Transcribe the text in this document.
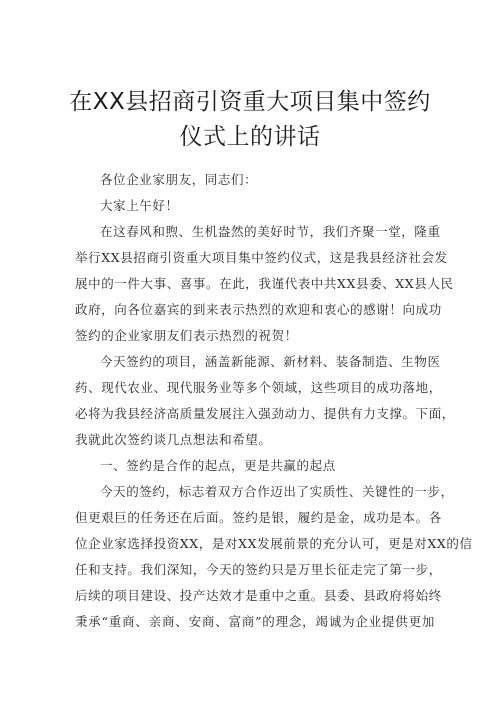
在XX县招商引资重大项目集中签约
仪式上的讲话
各位企业家朋友，同志们：
大家上午好！
在这春风和煦、生机盎然的美好时节，我们齐聚一堂，隆重
举行XX县招商引资重大项目集中签约仪式，这是我县经济社会发
展中的一件大事、喜事。在此，我谨代表中共XX县委、XX县人民
政府，向各位嘉宾的到来表示热烈的欢迎和衷心的感谢！向成功
签约的企业家朋友们表示热烈的祝贺！
今天签约的项目，涵盖新能源、新材料、装备制造、生物医
药、现代农业、现代服务业等多个领域，这些项目的成功落地，
必将为我县经济高质量发展注入强劲动力、提供有力支撑。下面，
我就此次签约谈几点想法和希望。
一、签约是合作的起点，更是共赢的起点
今天的签约，标志着双方合作迈出了实质性、关键性的一步，
但更艰巨的任务还在后面。签约是银，履约是金，成功是本。各
位企业家选择投资XX，是对XX发展前景的充分认可，更是对XX的信
任和支持。我们深知，今天的签约只是万里长征走完了第一步，
后续的项目建设、投产达效才是重中之重。县委、县政府将始终
秉承“重商、亲商、安商、富商”的理念，竭诚为企业提供更加
